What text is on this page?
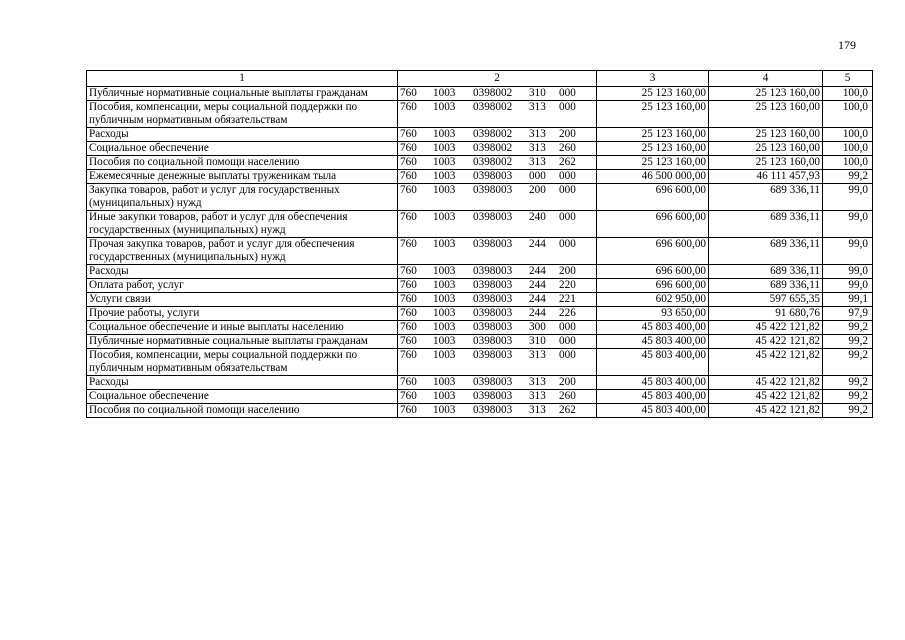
179
1	2	3	4	5
Публичные нормативные социальные выплаты гражданам	760 1003 0398002 310 000	25 123 160,00	25 123 160,00	100,0
Пособия, компенсации, меры социальной поддержки по публичным нормативным обязательствам	760 1003 0398002 313 000	25 123 160,00	25 123 160,00	100,0
Расходы	760 1003 0398002 313 200	25 123 160,00	25 123 160,00	100,0
Социальное обеспечение	760 1003 0398002 313 260	25 123 160,00	25 123 160,00	100,0
Пособия по социальной помощи населению	760 1003 0398002 313 262	25 123 160,00	25 123 160,00	100,0
Ежемесячные денежные выплаты труженикам тыла	760 1003 0398003 000 000	46 500 000,00	46 111 457,93	99,2
Закупка товаров, работ и услуг для государственных (муниципальных) нужд	760 1003 0398003 200 000	696 600,00	689 336,11	99,0
Иные закупки товаров, работ и услуг для обеспечения государственных (муниципальных) нужд	760 1003 0398003 240 000	696 600,00	689 336,11	99,0
Прочая закупка товаров, работ и услуг для обеспечения государственных (муниципальных) нужд	760 1003 0398003 244 000	696 600,00	689 336,11	99,0
Расходы	760 1003 0398003 244 200	696 600,00	689 336,11	99,0
Оплата работ, услуг	760 1003 0398003 244 220	696 600,00	689 336,11	99,0
Услуги связи	760 1003 0398003 244 221	602 950,00	597 655,35	99,1
Прочие работы, услуги	760 1003 0398003 244 226	93 650,00	91 680,76	97,9
Социальное обеспечение и иные выплаты населению	760 1003 0398003 300 000	45 803 400,00	45 422 121,82	99,2
Публичные нормативные социальные выплаты гражданам	760 1003 0398003 310 000	45 803 400,00	45 422 121,82	99,2
Пособия, компенсации, меры социальной поддержки по публичным нормативным обязательствам	760 1003 0398003 313 000	45 803 400,00	45 422 121,82	99,2
Расходы	760 1003 0398003 313 200	45 803 400,00	45 422 121,82	99,2
Социальное обеспечение	760 1003 0398003 313 260	45 803 400,00	45 422 121,82	99,2
Пособия по социальной помощи населению	760 1003 0398003 313 262	45 803 400,00	45 422 121,82	99,2
